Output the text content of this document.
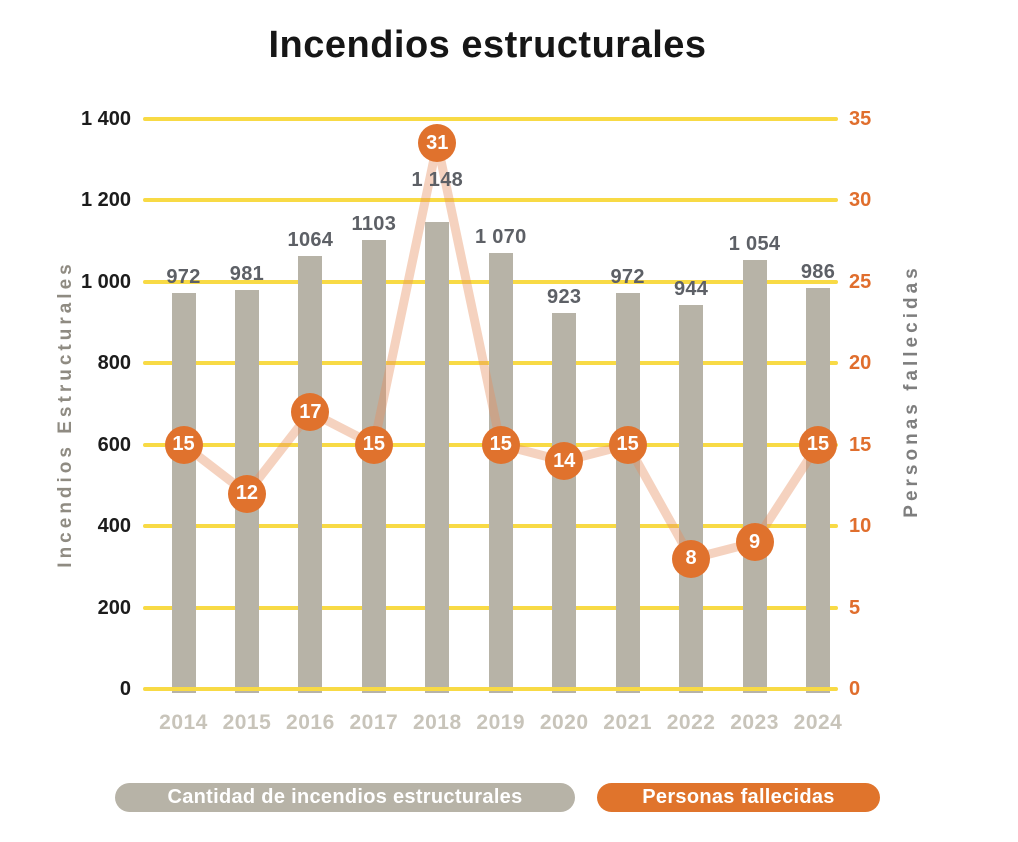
Incendios estructurales
Incendios Estructurales	Personas fallecidas
Cantidad de incendios estructurales	Personas fallecidas
0	0
200	5
400	10
600	15
800	20
1 000	25
1 200	30
1 400	35
972
2014
981
2015
1064
2016
1103
2017
1 148
2018
1 070
2019
923
2020
972
2021
944
2022
1 054
2023
986
2024
15
12
17
15
31
15
14
15
8
9
15
